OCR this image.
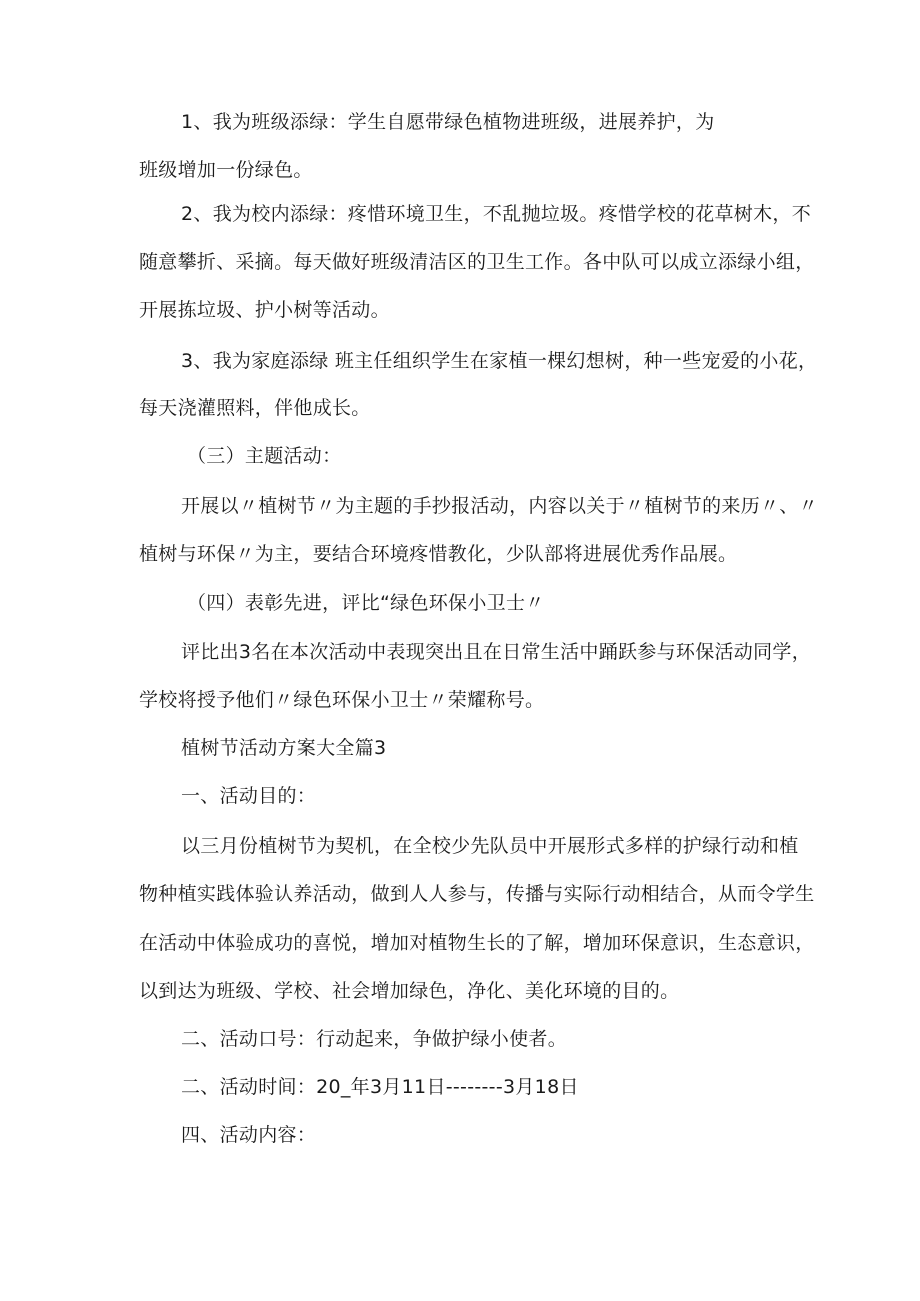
1、我为班级添绿：学生自愿带绿色植物进班级，进展养护，为
班级增加一份绿色。
2、我为校内添绿：疼惜环境卫生，不乱抛垃圾。疼惜学校的花草树木，不
随意攀折、采摘。每天做好班级清洁区的卫生工作。各中队可以成立添绿小组，
开展拣垃圾、护小树等活动。
3、我为家庭添绿 班主任组织学生在家植一棵幻想树，种一些宠爱的小花，
每天浇灌照料，伴他成长。
（三）主题活动：
开展以〃植树节〃为主题的手抄报活动，内容以关于〃植树节的来历〃、〃
植树与环保〃为主，要结合环境疼惜教化，少队部将进展优秀作品展。
（四）表彰先进，评比“绿色环保小卫士〃
评比出3名在本次活动中表现突出且在日常生活中踊跃参与环保活动同学，
学校将授予他们〃绿色环保小卫士〃荣耀称号。
植树节活动方案大全篇3
一、活动目的：
以三月份植树节为契机，在全校少先队员中开展形式多样的护绿行动和植
物种植实践体验认养活动，做到人人参与，传播与实际行动相结合，从而令学生
在活动中体验成功的喜悦，增加对植物生长的了解，增加环保意识，生态意识，
以到达为班级、学校、社会增加绿色，净化、美化环境的目的。
二、活动口号：行动起来，争做护绿小使者。
二、活动时间：20_年3月11日--------3月18日
四、活动内容：
